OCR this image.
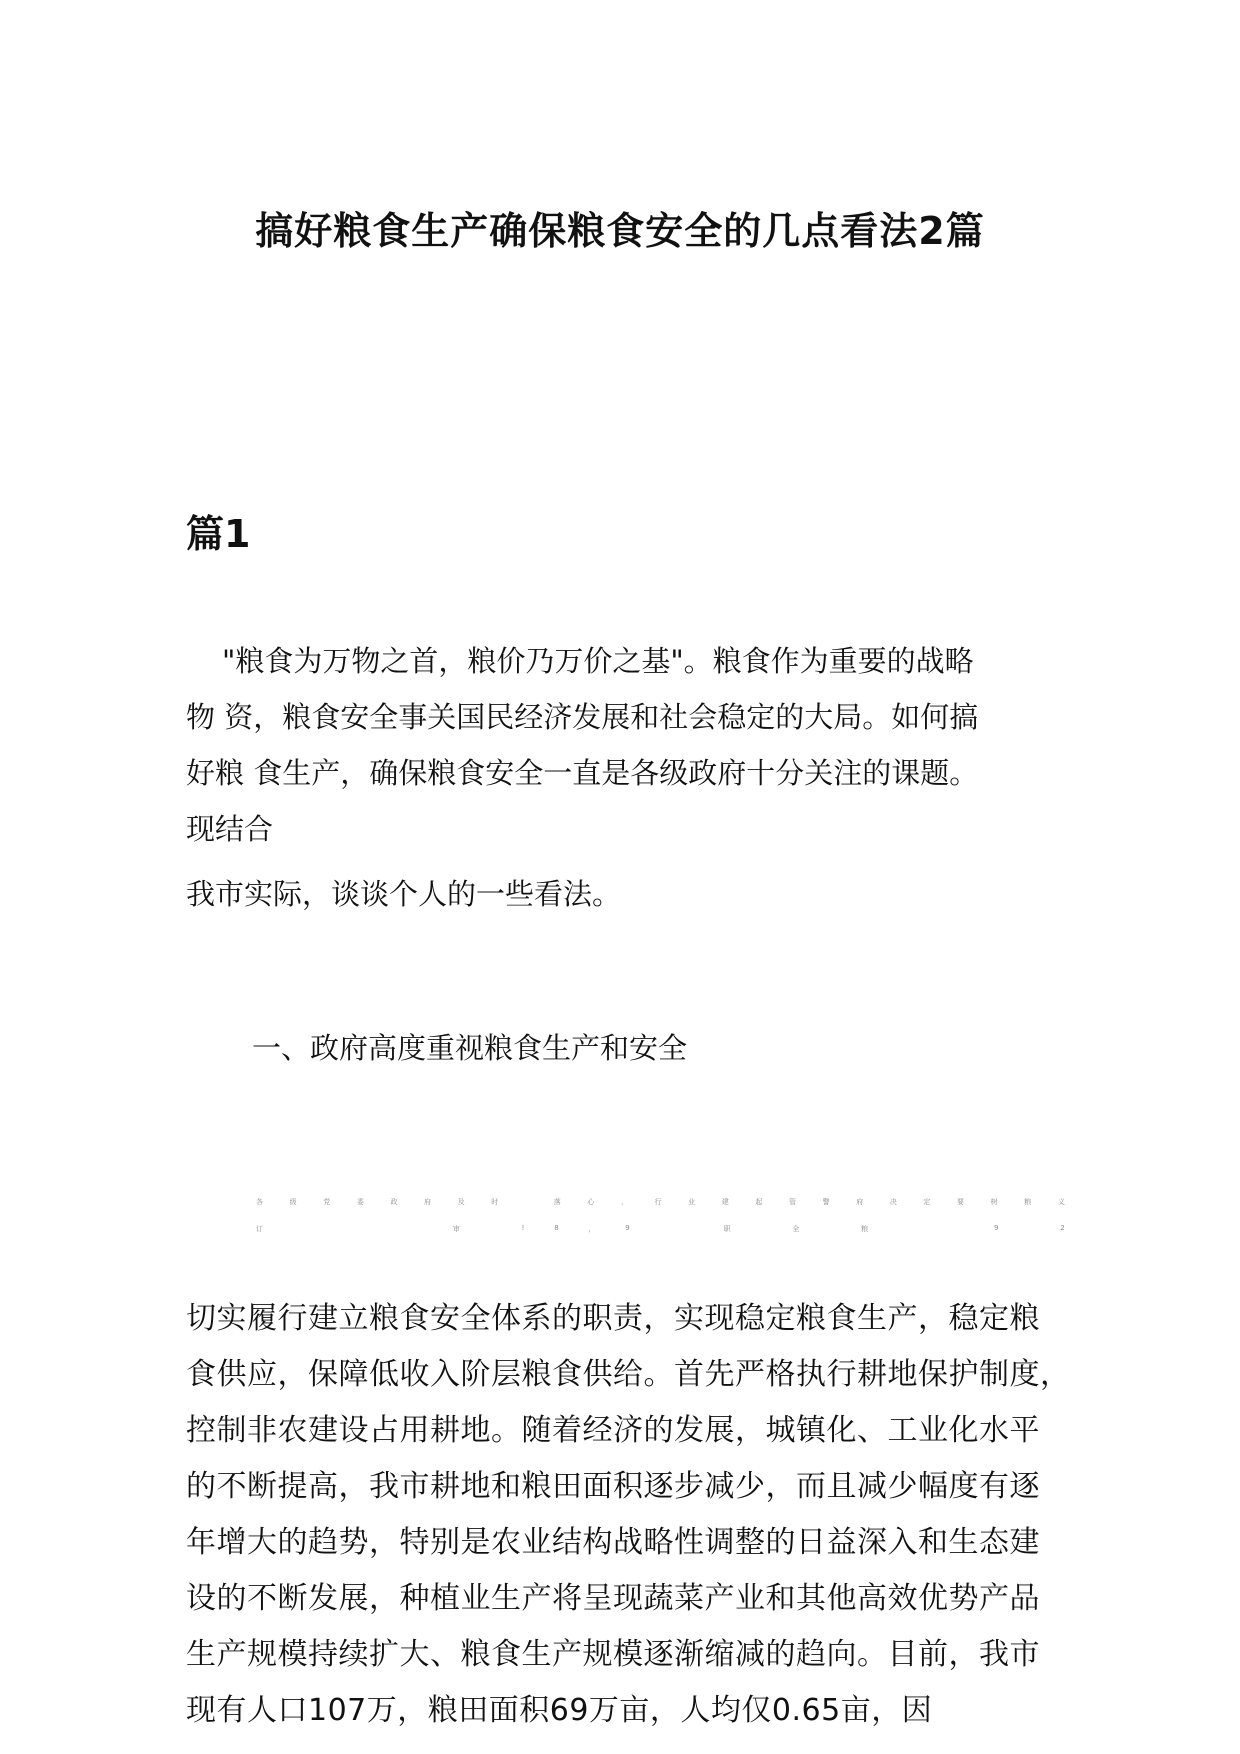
搞好粮食生产确保粮食安全的几点看法2篇
篇1
"粮食为万物之首，粮价乃万价之基"。粮食作为重要的战略
物 资，粮食安全事关国民经济发展和社会稳定的大局。如何搞
好粮 食生产，确保粮食安全一直是各级政府十分关注的课题。
现结合
我市实际，谈谈个人的一些看法。
一、政府高度重视粮食生产和安全
各	级	党	委	政	府	及	时
	落	心	，	行	业	建	起	管	警	府	决	定	要	树	粮	义
订

	审
	!	8	，	9

	职
	全
	粮

	9
	2
切实履行建立粮食安全体系的职责，实现稳定粮食生产，稳定粮
食供应，保障低收入阶层粮食供给。首先严格执行耕地保护制度，
控制非农建设占用耕地。随着经济的发展，城镇化、工业化水平
的不断提高，我市耕地和粮田面积逐步减少，而且减少幅度有逐
年增大的趋势，特别是农业结构战略性调整的日益深入和生态建
设的不断发展，种植业生产将呈现蔬菜产业和其他高效优势产品
生产规模持续扩大、粮食生产规模逐渐缩减的趋向。目前，我市
现有人口107万，粮田面积69万亩，人均仅0.65亩，因
